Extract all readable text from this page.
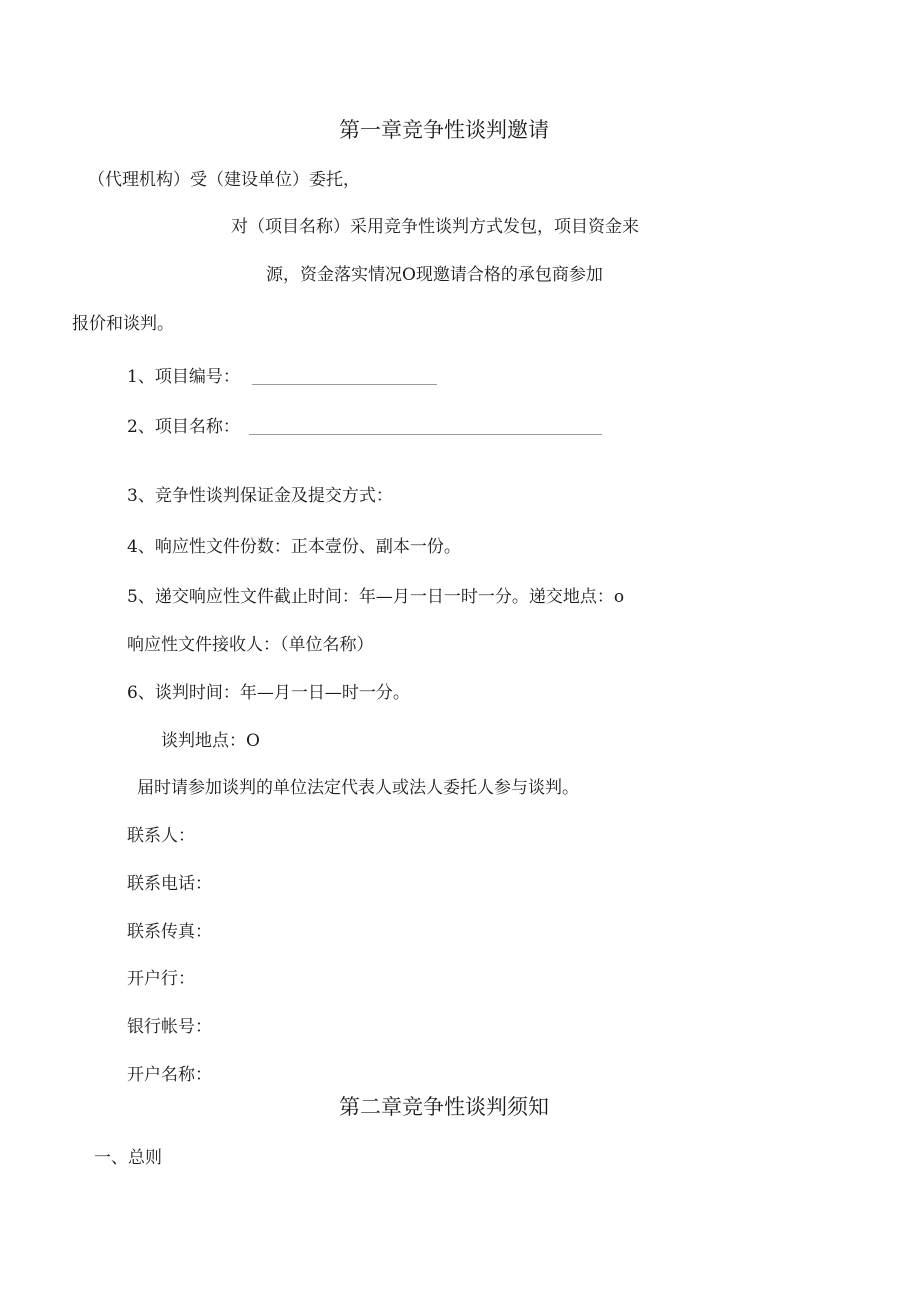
第一章竞争性谈判邀请
（代理机构）受（建设单位）委托，
对（项目名称）采用竞争性谈判方式发包，项目资金来
源，资金落实情况O现邀请合格的承包商参加
报价和谈判。
1、项目编号：
2、项目名称：
3、竞争性谈判保证金及提交方式：
4、响应性文件份数：正本壹份、副本一份。
5、递交响应性文件截止时间：年—月一日一时一分。递交地点：o
响应性文件接收人：（单位名称）
6、谈判时间：年—月一日—时一分。
谈判地点：O
届时请参加谈判的单位法定代表人或法人委托人参与谈判。
联系人：
联系电话：
联系传真：
开户行：
银行帐号：
开户名称：
第二章竞争性谈判须知
一、总则
